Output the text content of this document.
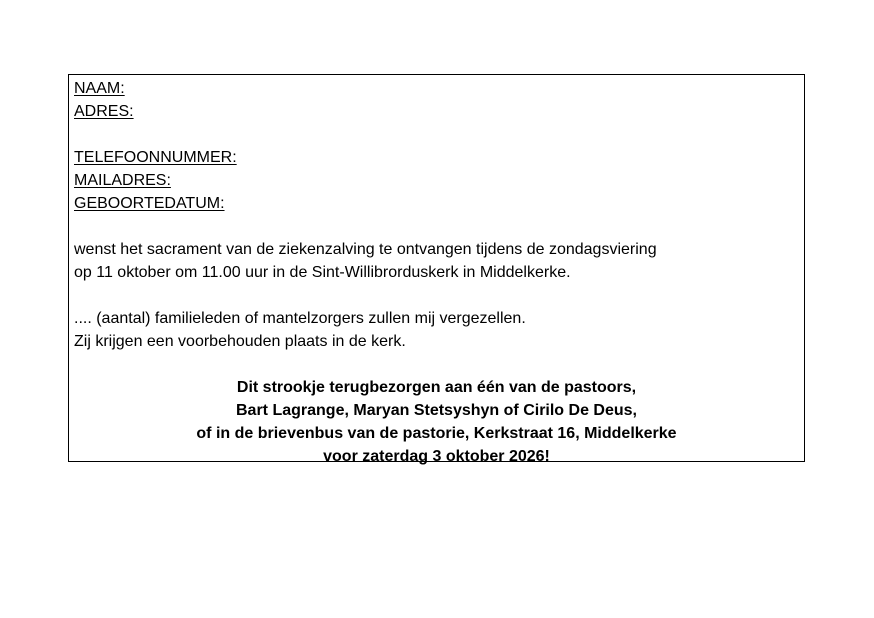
NAAM:
ADRES:
TELEFOONNUMMER:
MAILADRES:
GEBOORTEDATUM:
wenst het sacrament van de ziekenzalving te ontvangen tijdens de zondagsviering
op 11 oktober om 11.00 uur in de Sint-Willibrorduskerk in Middelkerke.
.... (aantal) familieleden of mantelzorgers zullen mij vergezellen.
Zij krijgen een voorbehouden plaats in de kerk.
Dit strookje terugbezorgen aan één van de pastoors,
Bart Lagrange, Maryan Stetsyshyn of Cirilo De Deus,
of in de brievenbus van de pastorie, Kerkstraat 16, Middelkerke
voor zaterdag 3 oktober 2026!
